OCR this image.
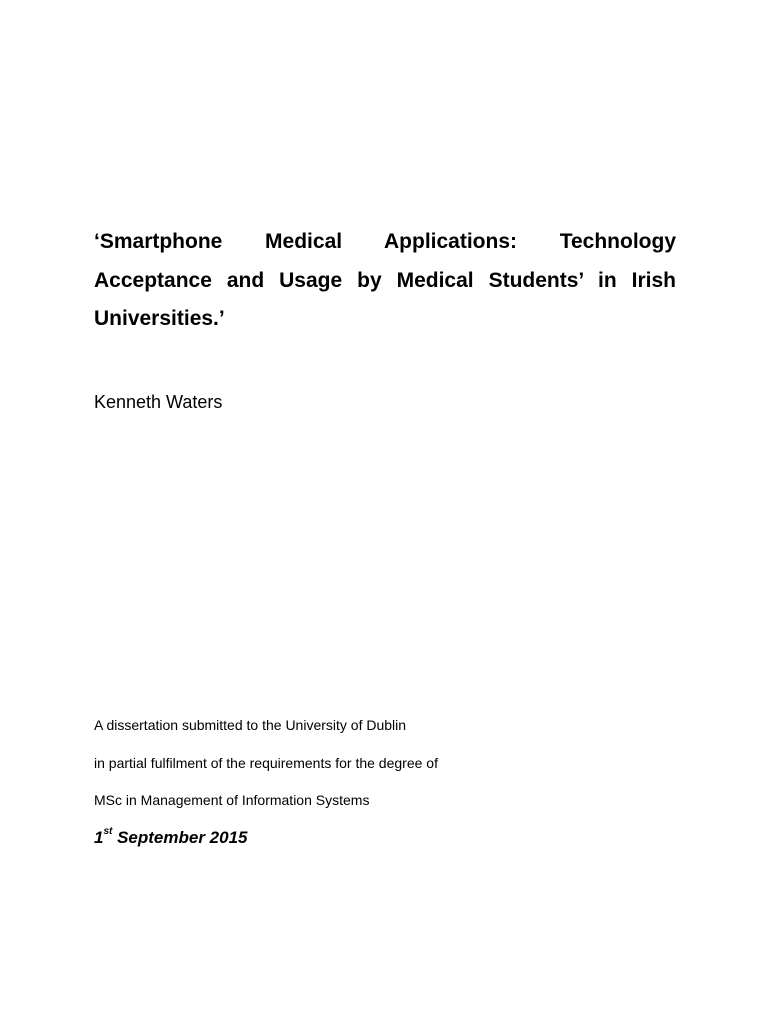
‘Smartphone Medical Applications: Technology Acceptance and Usage by Medical Students’ in Irish Universities.’

Kenneth Waters

A dissertation submitted to the University of Dublin

in partial fulfilment of the requirements for the degree of

MSc in Management of Information Systems

1st September 2015
